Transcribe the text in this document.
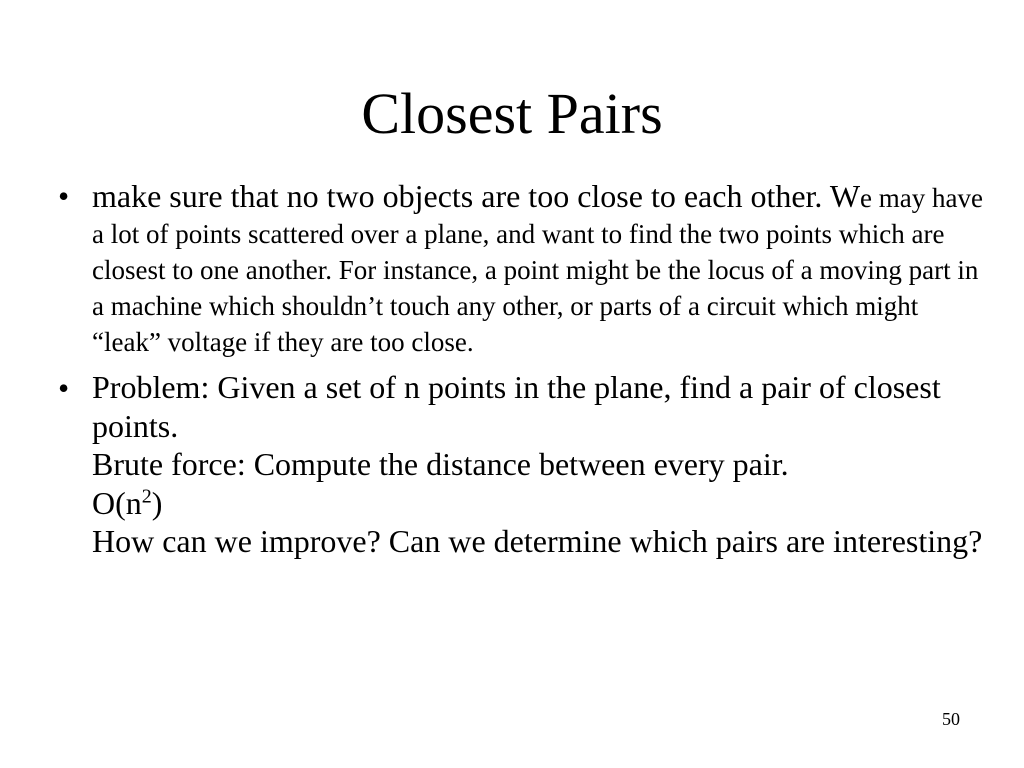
Closest Pairs
• make sure that no two objects are too close to each other. We may have a lot of points scattered over a plane, and want to find the two points which are closest to one another. For instance, a point might be the locus of a moving part in a machine which shouldn’t touch any other, or parts of a circuit which might “leak” voltage if they are too close.
• Problem: Given a set of n points in the plane, find a pair of closest points.
Brute force: Compute the distance between every pair.
$O(n^2)$
How can we improve? Can we determine which pairs are interesting?
50
